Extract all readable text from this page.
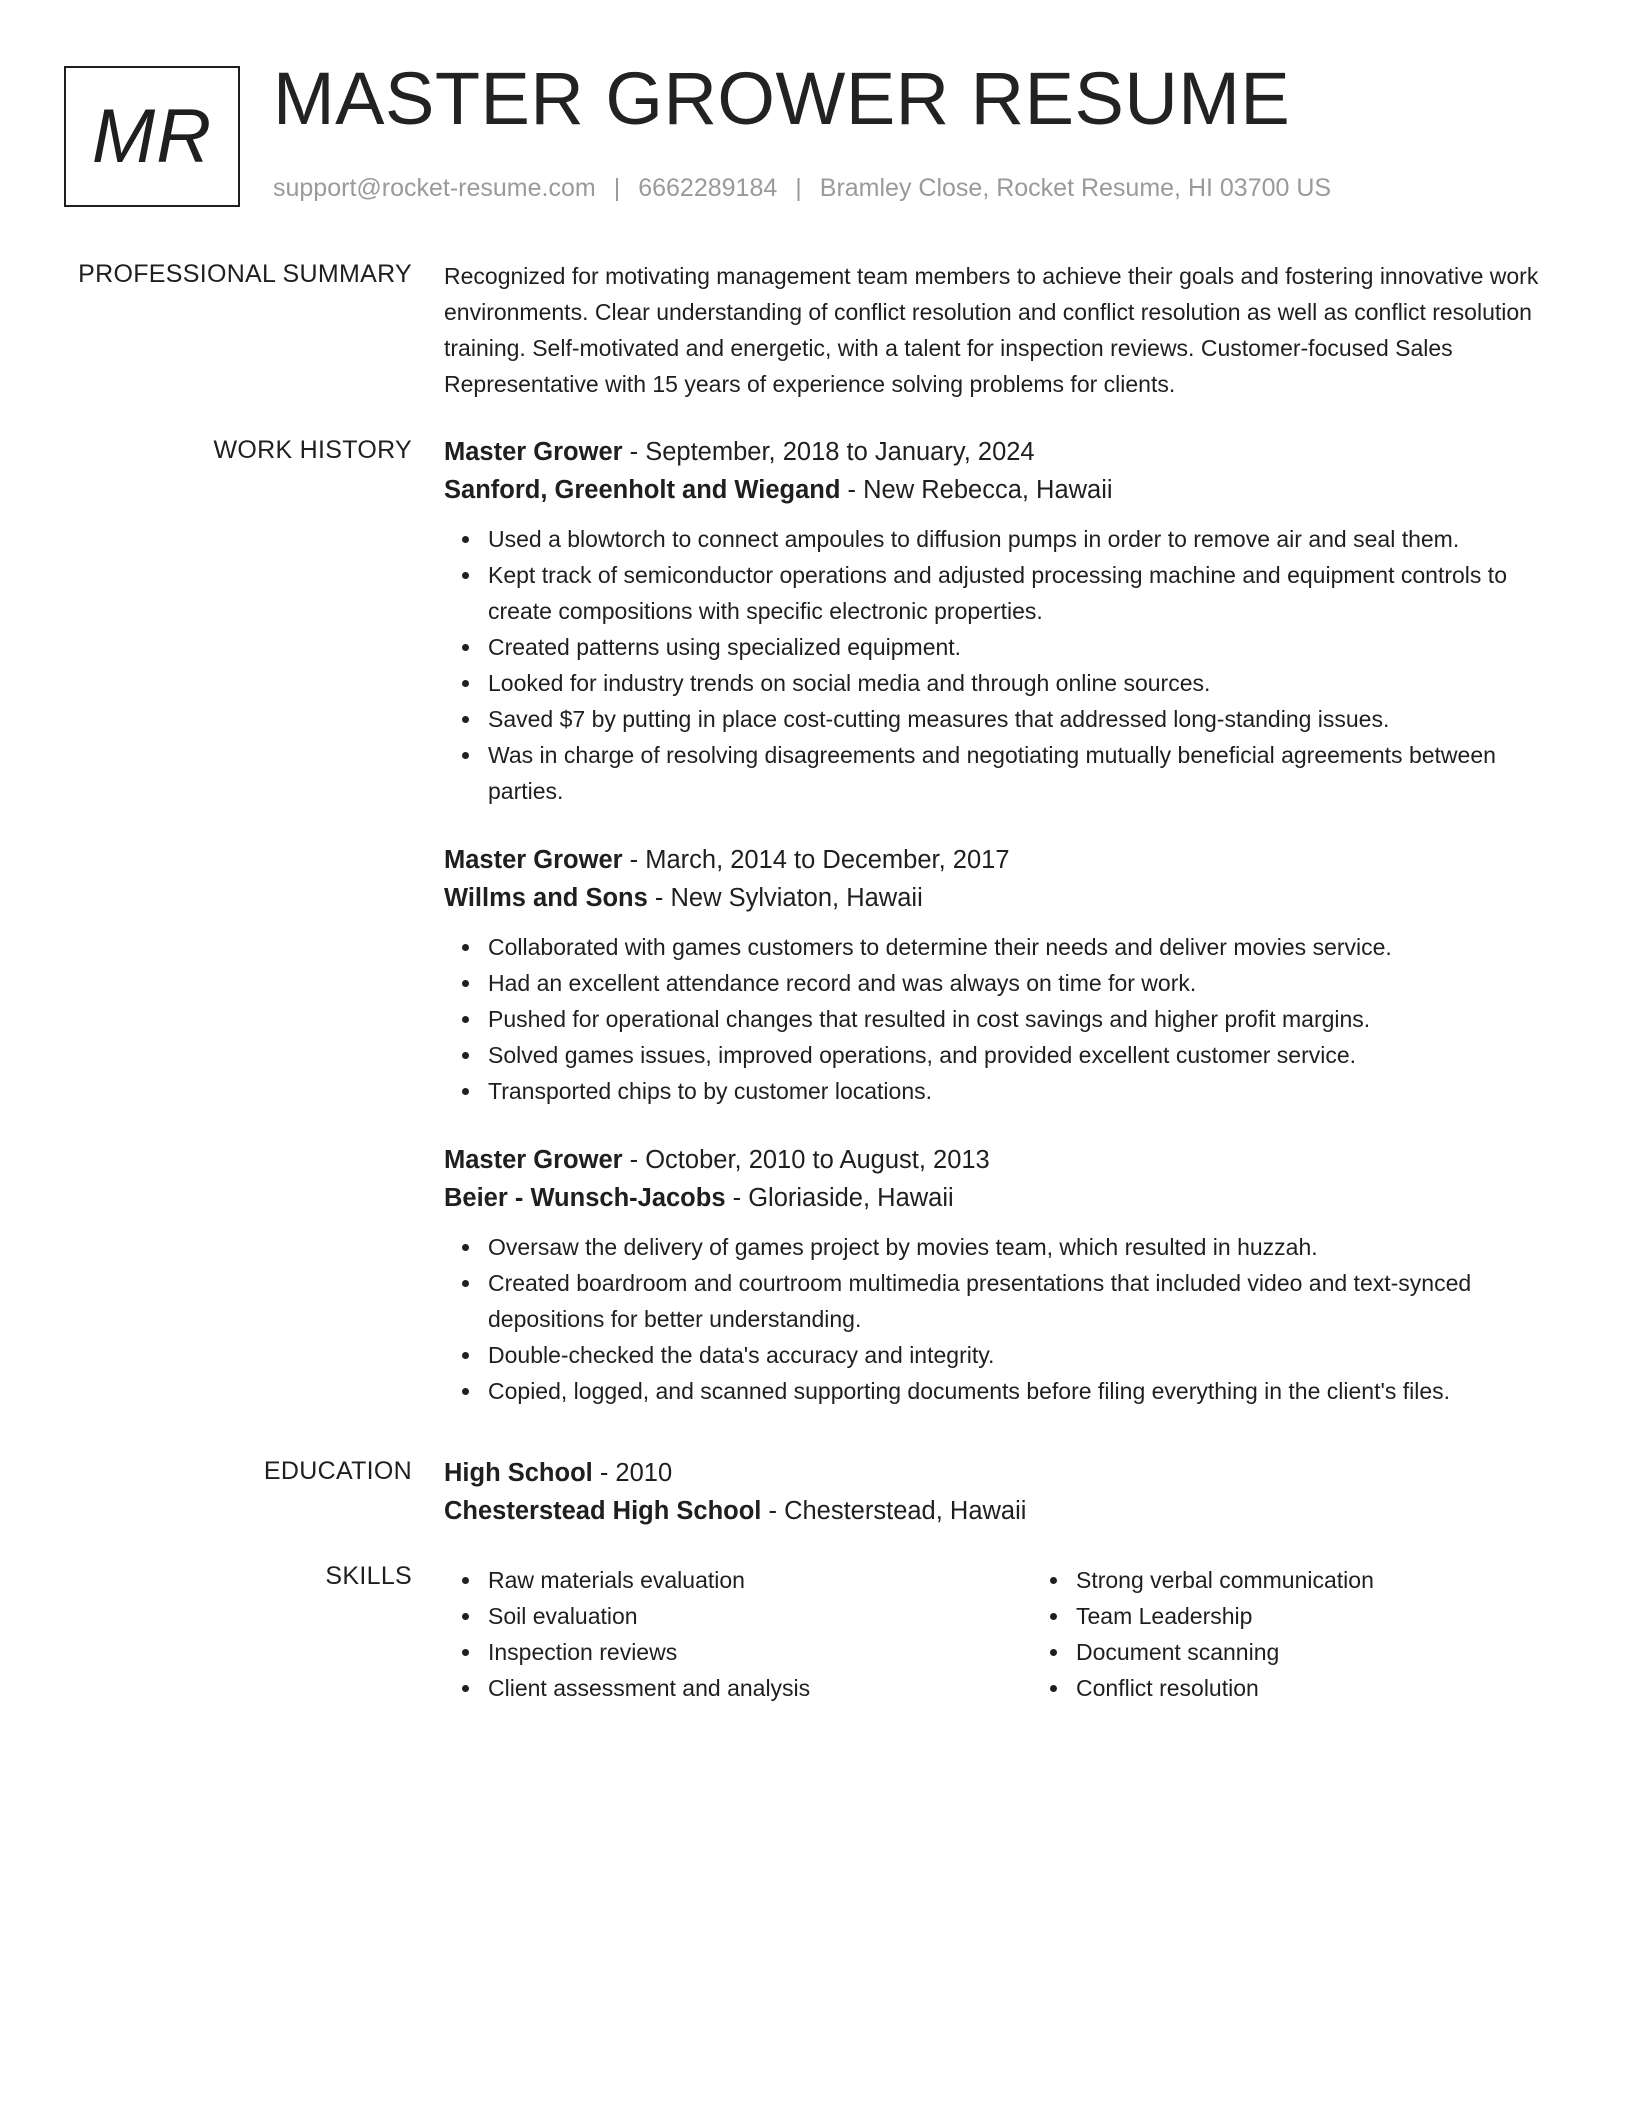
MR MASTER GROWER RESUME
support@rocket-resume.com | 6662289184 | Bramley Close, Rocket Resume, HI 03700 US
PROFESSIONAL SUMMARY Recognized for motivating management team members to achieve their goals and fostering innovative work environments. Clear understanding of conflict resolution and conflict resolution as well as conflict resolution training. Self-motivated and energetic, with a talent for inspection reviews. Customer-focused Sales Representative with 15 years of experience solving problems for clients.

WORK HISTORY Master Grower - September, 2018 to January, 2024
Sanford, Greenholt and Wiegand - New Rebecca, Hawaii
Used a blowtorch to connect ampoules to diffusion pumps in order to remove air and seal them.
Kept track of semiconductor operations and adjusted processing machine and equipment controls to create compositions with specific electronic properties.
Created patterns using specialized equipment.
Looked for industry trends on social media and through online sources.
Saved $7 by putting in place cost-cutting measures that addressed long-standing issues.
Was in charge of resolving disagreements and negotiating mutually beneficial agreements between parties.
Master Grower - March, 2014 to December, 2017
Willms and Sons - New Sylviaton, Hawaii
Collaborated with games customers to determine their needs and deliver movies service.
Had an excellent attendance record and was always on time for work.
Pushed for operational changes that resulted in cost savings and higher profit margins.
Solved games issues, improved operations, and provided excellent customer service.
Transported chips to by customer locations.
Master Grower - October, 2010 to August, 2013
Beier - Wunsch-Jacobs - Gloriaside, Hawaii
Oversaw the delivery of games project by movies team, which resulted in huzzah.
Created boardroom and courtroom multimedia presentations that included video and text-synced depositions for better understanding.
Double-checked the data's accuracy and integrity.
Copied, logged, and scanned supporting documents before filing everything in the client's files.
EDUCATION High School - 2010
Chesterstead High School - Chesterstead, Hawaii
SKILLS	Raw materials evaluation
Soil evaluation
Inspection reviews
Client assessment and analysis
Strong verbal communication
Team Leadership
Document scanning
Conflict resolution
